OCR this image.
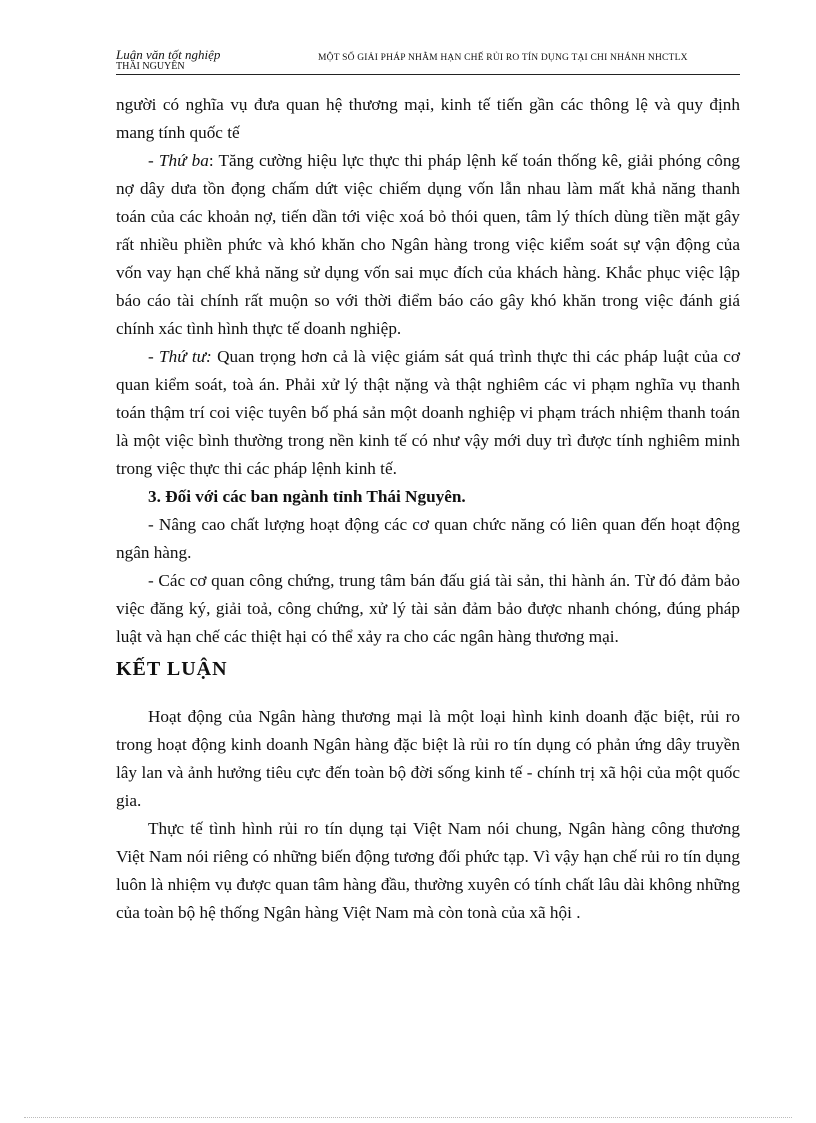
Luận văn tốt nghiệp
THÁI NGUYÊN
MỘT SỐ GIẢI PHÁP NHẰM HẠN CHẾ RỦI RO TÍN DỤNG TẠI CHI NHÁNH NHCTLX

người có nghĩa vụ đưa quan hệ thương mại, kinh tế tiến gần các thông lệ và quy định mang tính quốc tế

- Thứ ba: Tăng cường hiệu lực thực thi pháp lệnh kế toán thống kê, giải phóng công nợ dây dưa tồn đọng chấm dứt việc chiếm dụng vốn lẫn nhau làm mất khả năng thanh toán của các khoản nợ, tiến dần tới việc xoá bỏ thói quen, tâm lý thích dùng tiền mặt gây rất nhiều phiền phức và khó khăn cho Ngân hàng trong việc kiểm soát sự vận động của vốn vay hạn chế khả năng sử dụng vốn sai mục đích của khách hàng. Khắc phục việc lập báo cáo tài chính rất muộn so với thời điểm báo cáo gây khó khăn trong việc đánh giá chính xác tình hình thực tế doanh nghiệp.

- Thứ tư: Quan trọng hơn cả là việc giám sát quá trình thực thi các pháp luật của cơ quan kiểm soát, toà án. Phải xử lý thật nặng và thật nghiêm các vi phạm nghĩa vụ thanh toán thậm trí coi việc tuyên bố phá sản một doanh nghiệp vi phạm trách nhiệm thanh toán là một việc bình thường trong nền kinh tế có như vậy mới duy trì được tính nghiêm minh trong việc thực thi các pháp lệnh kinh tế.

3. Đối với các ban ngành tỉnh Thái Nguyên.

- Nâng cao chất lượng hoạt động các cơ quan chức năng có liên quan đến hoạt động ngân hàng.

- Các cơ quan công chứng, trung tâm bán đấu giá tài sản, thi hành án. Từ đó đảm bảo việc đăng ký, giải toả, công chứng, xử lý tài sản đảm bảo được nhanh chóng, đúng pháp luật và hạn chế các thiệt hại có thể xảy ra cho các ngân hàng thương mại.

KẾT LUẬN

Hoạt động của Ngân hàng thương mại là một loại hình kinh doanh đặc biệt, rủi ro trong hoạt động kinh doanh Ngân hàng đặc biệt là rủi ro tín dụng có phản ứng dây truyền lây lan và ảnh hưởng tiêu cực đến toàn bộ đời sống kinh tế - chính trị xã hội của một quốc gia.

Thực tế tình hình rủi ro tín dụng tại Việt Nam nói chung, Ngân hàng công thương Việt Nam nói riêng có những biến động tương đối phức tạp. Vì vậy hạn chế rủi ro tín dụng luôn là nhiệm vụ được quan tâm hàng đầu, thường xuyên có tính chất lâu dài không những của toàn bộ hệ thống Ngân hàng Việt Nam mà còn tonà của xã hội .
